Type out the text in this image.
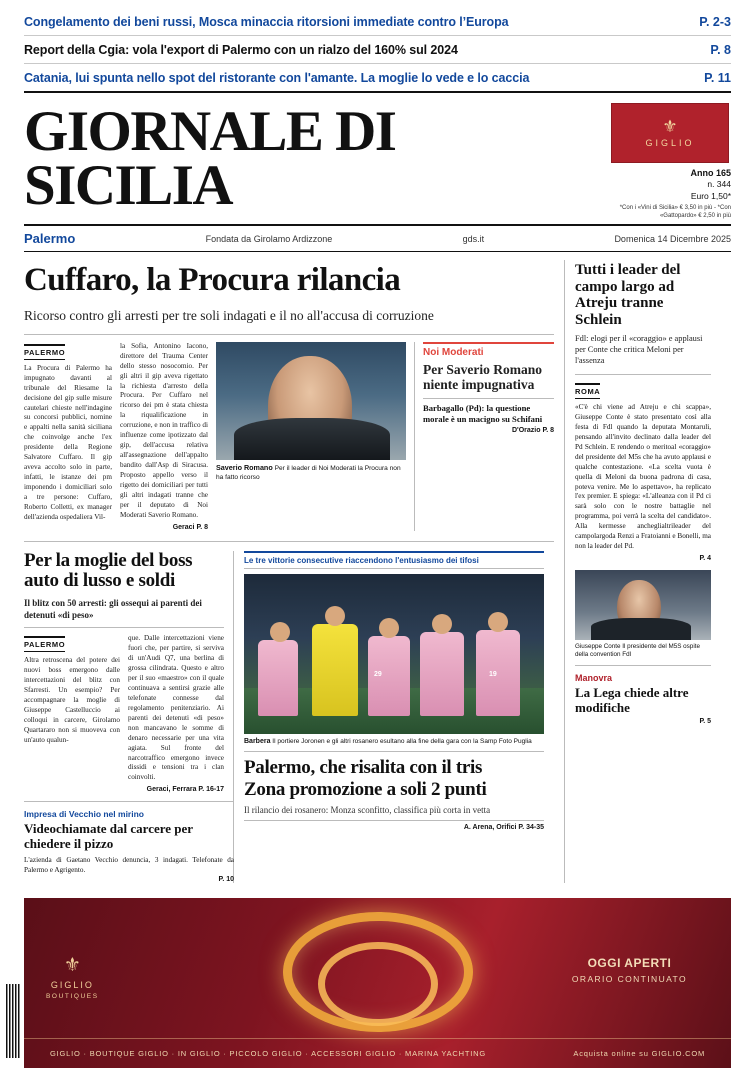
Congelamento dei beni russi, Mosca minaccia ritorsioni immediate contro l’Europa	P. 2-3
Report della Cgia: vola l'export di Palermo con un rialzo del 160% sul 2024	P. 8
Catania, lui spunta nello spot del ristorante con l'amante. La moglie lo vede e lo caccia	P. 11
GIORNALE DI SICILIA
⚜
GIGLIO
Anno 165
n. 344
Euro 1,50*
*Con i «Vini di Sicilia» € 3,50 in più - *Con «Gattopardo» € 2,50 in più
Palermo	Fondata da Girolamo Ardizzone	gds.it	Domenica 14 Dicembre 2025
Cuffaro, la Procura rilancia
Ricorso contro gli arresti per tre soli indagati e il no all'accusa di corruzione
PALERMO
La Procura di Palermo ha impugnato davanti al tribunale del Riesame la decisione del gip sulle misure cautelari chieste nell'indagine su concorsi pubblici, nomine e appalti nella sanità siciliana che coinvolge anche l'ex presidente della Regione Salvatore Cuffaro. Il gip aveva accolto solo in parte, infatti, le istanze dei pm imponendo i domiciliari solo a tre persone: Cuffaro, Roberto Colletti, ex manager dell'azienda ospedaliera Vil-
la Sofia, Antonino Iacono, direttore del Trauma Center dello stesso nosocomio. Per gli altri il gip aveva rigettato la richiesta d'arresto della Procura. Per Cuffaro nel ricorso dei pm è stata chiesta la riqualificazione in corruzione, e non in traffico di influenze come ipotizzato dal gip, dell'accusa relativa all'assegnazione dell'appalto bandito dall'Asp di Siracusa. Proposto appello verso il rigetto dei domiciliari per tutti gli altri indagati tranne che per il deputato di Noi Moderati Saverio Romano.
Geraci P. 8
Saverio Romano Per il leader di Noi Moderati la Procura non ha fatto ricorso
Noi Moderati
Per Saverio Romano niente impugnativa
Barbagallo (Pd): la questione morale è un macigno su Schifani
D'Orazio P. 8
Per la moglie del boss auto di lusso e soldi
Il blitz con 50 arresti: gli ossequi ai parenti dei detenuti «di peso»
PALERMO
Altra retroscena del potere dei nuovi boss emergono dalle intercettazioni del blitz con Sfarresti. Un esempio? Per accompagnare la moglie di Giuseppe Castelluccio ai colloqui in carcere, Girolamo Quartararo non si muoveva con un'auto qualun-
que. Dalle intercettazioni viene fuori che, per partire, si serviva di un'Audi Q7, una berlina di grossa cilindrata. Questo e altro per il suo «maestro» con il quale continuava a sentirsi grazie alle telefonate connesse dal regolamento penitenziario. Ai parenti dei detenuti «di peso» non mancavano le somme di denaro necessarie per una vita agiata. Sul fronte del narcotraffico emergono invece dissidi e tensioni tra i clan coinvolti.
Geraci, Ferrara P. 16-17
Impresa di Vecchio nel mirino
Videochiamate dal carcere per chiedere il pizzo
L'azienda di Gaetano Vecchio denuncia, 3 indagati. Telefonate da Palermo e Agrigento.
P. 10
Le tre vittorie consecutive riaccendono l'entusiasmo dei tifosi
29	19
Barbera Il portiere Joronen e gli altri rosanero esultano alla fine della gara con la Samp Foto Puglia
Palermo, che risalita con il tris
Zona promozione a soli 2 punti
Il rilancio dei rosanero: Monza sconfitto, classifica più corta in vetta
A. Arena, Orifici P. 34-35
Tutti i leader del campo largo ad Atreju tranne Schlein
Fdl: elogi per il «coraggio» e applausi per Conte che critica Meloni per l'assenza
ROMA
«C'è chi viene ad Atreju e chi scappa», Giuseppe Conte è stato presentato così alla festa di Fdl quando la deputata Montaruli, pensando all'invito declinato dalla leader del Pd Schlein. E rendendo o meritoal «coraggio» del presidente del M5s che ha avuto applausi e qualche contestazione. «La scelta vuota è quella di Meloni da buona padrona di casa, poteva venire. Me lo aspettavo», ha replicato l'ex premier. E spiega: «L'alleanza con il Pd ci sarà solo con le nostre battaglie nel programma, poi verrà la scelta del candidato». Alla kermesse ancheglialtrileader del campolargoda Renzi a Fratoianni e Bonelli, ma non la leader del Pd.
P. 4
Giuseppe Conte Il presidente del M5S ospite della convention Fdl
Manovra
La Lega chiede altre modifiche
P. 5
⚜
GIGLIO
BOUTIQUES
OGGI APERTI
ORARIO CONTINUATO
GIGLIO · BOUTIQUE GIGLIO · IN GIGLIO · PICCOLO GIGLIO · ACCESSORI GIGLIO · MARINA YACHTING	Acquista online su GIGLIO.COM
